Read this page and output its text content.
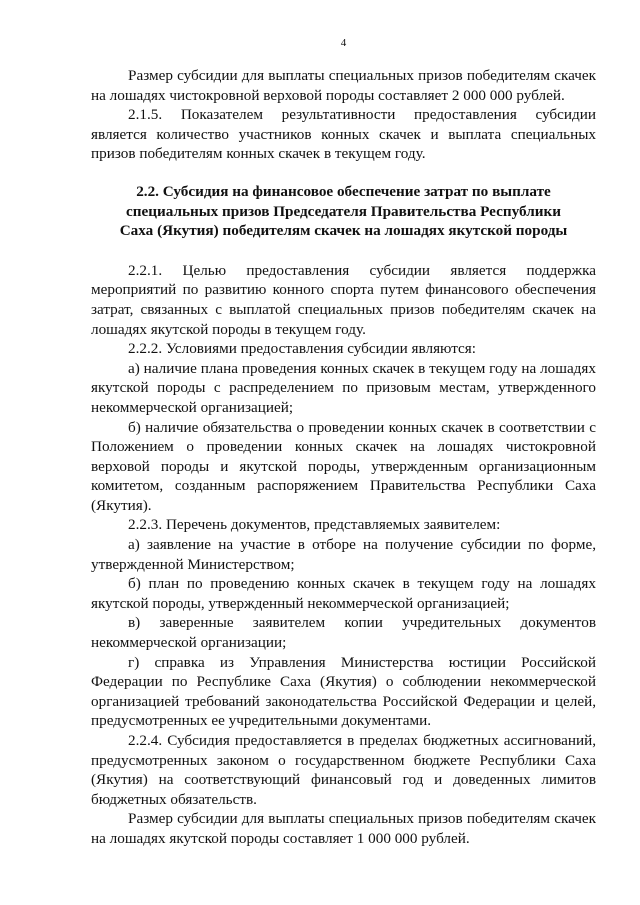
4

Размер субсидии для выплаты специальных призов победителям скачек на лошадях чистокровной верховой породы составляет 2 000 000 рублей.

2.1.5. Показателем результативности предоставления субсидии является количество участников конных скачек и выплата специальных призов победителям конных скачек в текущем году.

2.2. Субсидия на финансовое обеспечение затрат по выплате
специальных призов Председателя Правительства Республики
Саха (Якутия) победителям скачек на лошадях якутской породы

2.2.1. Целью предоставления субсидии является поддержка мероприятий по развитию конного спорта путем финансового обеспечения затрат, связанных с выплатой специальных призов победителям скачек на лошадях якутской породы в текущем году.

2.2.2. Условиями предоставления субсидии являются:

а) наличие плана проведения конных скачек в текущем году на лошадях якутской породы с распределением по призовым местам, утвержденного некоммерческой организацией;

б) наличие обязательства о проведении конных скачек в соответствии с Положением о проведении конных скачек на лошадях чистокровной верховой породы и якутской породы, утвержденным организационным комитетом, созданным распоряжением Правительства Республики Саха (Якутия).

2.2.3. Перечень документов, представляемых заявителем:

а) заявление на участие в отборе на получение субсидии по форме, утвержденной Министерством;

б) план по проведению конных скачек в текущем году на лошадях якутской породы, утвержденный некоммерческой организацией;

в) заверенные заявителем копии учредительных документов некоммерческой организации;

г) справка из Управления Министерства юстиции Российской Федерации по Республике Саха (Якутия) о соблюдении некоммерческой организацией требований законодательства Российской Федерации и целей, предусмотренных ее учредительными документами.

2.2.4. Субсидия предоставляется в пределах бюджетных ассигнований, предусмотренных законом о государственном бюджете Республики Саха (Якутия) на соответствующий финансовый год и доведенных лимитов бюджетных обязательств.

Размер субсидии для выплаты специальных призов победителям скачек на лошадях якутской породы составляет 1 000 000 рублей.
